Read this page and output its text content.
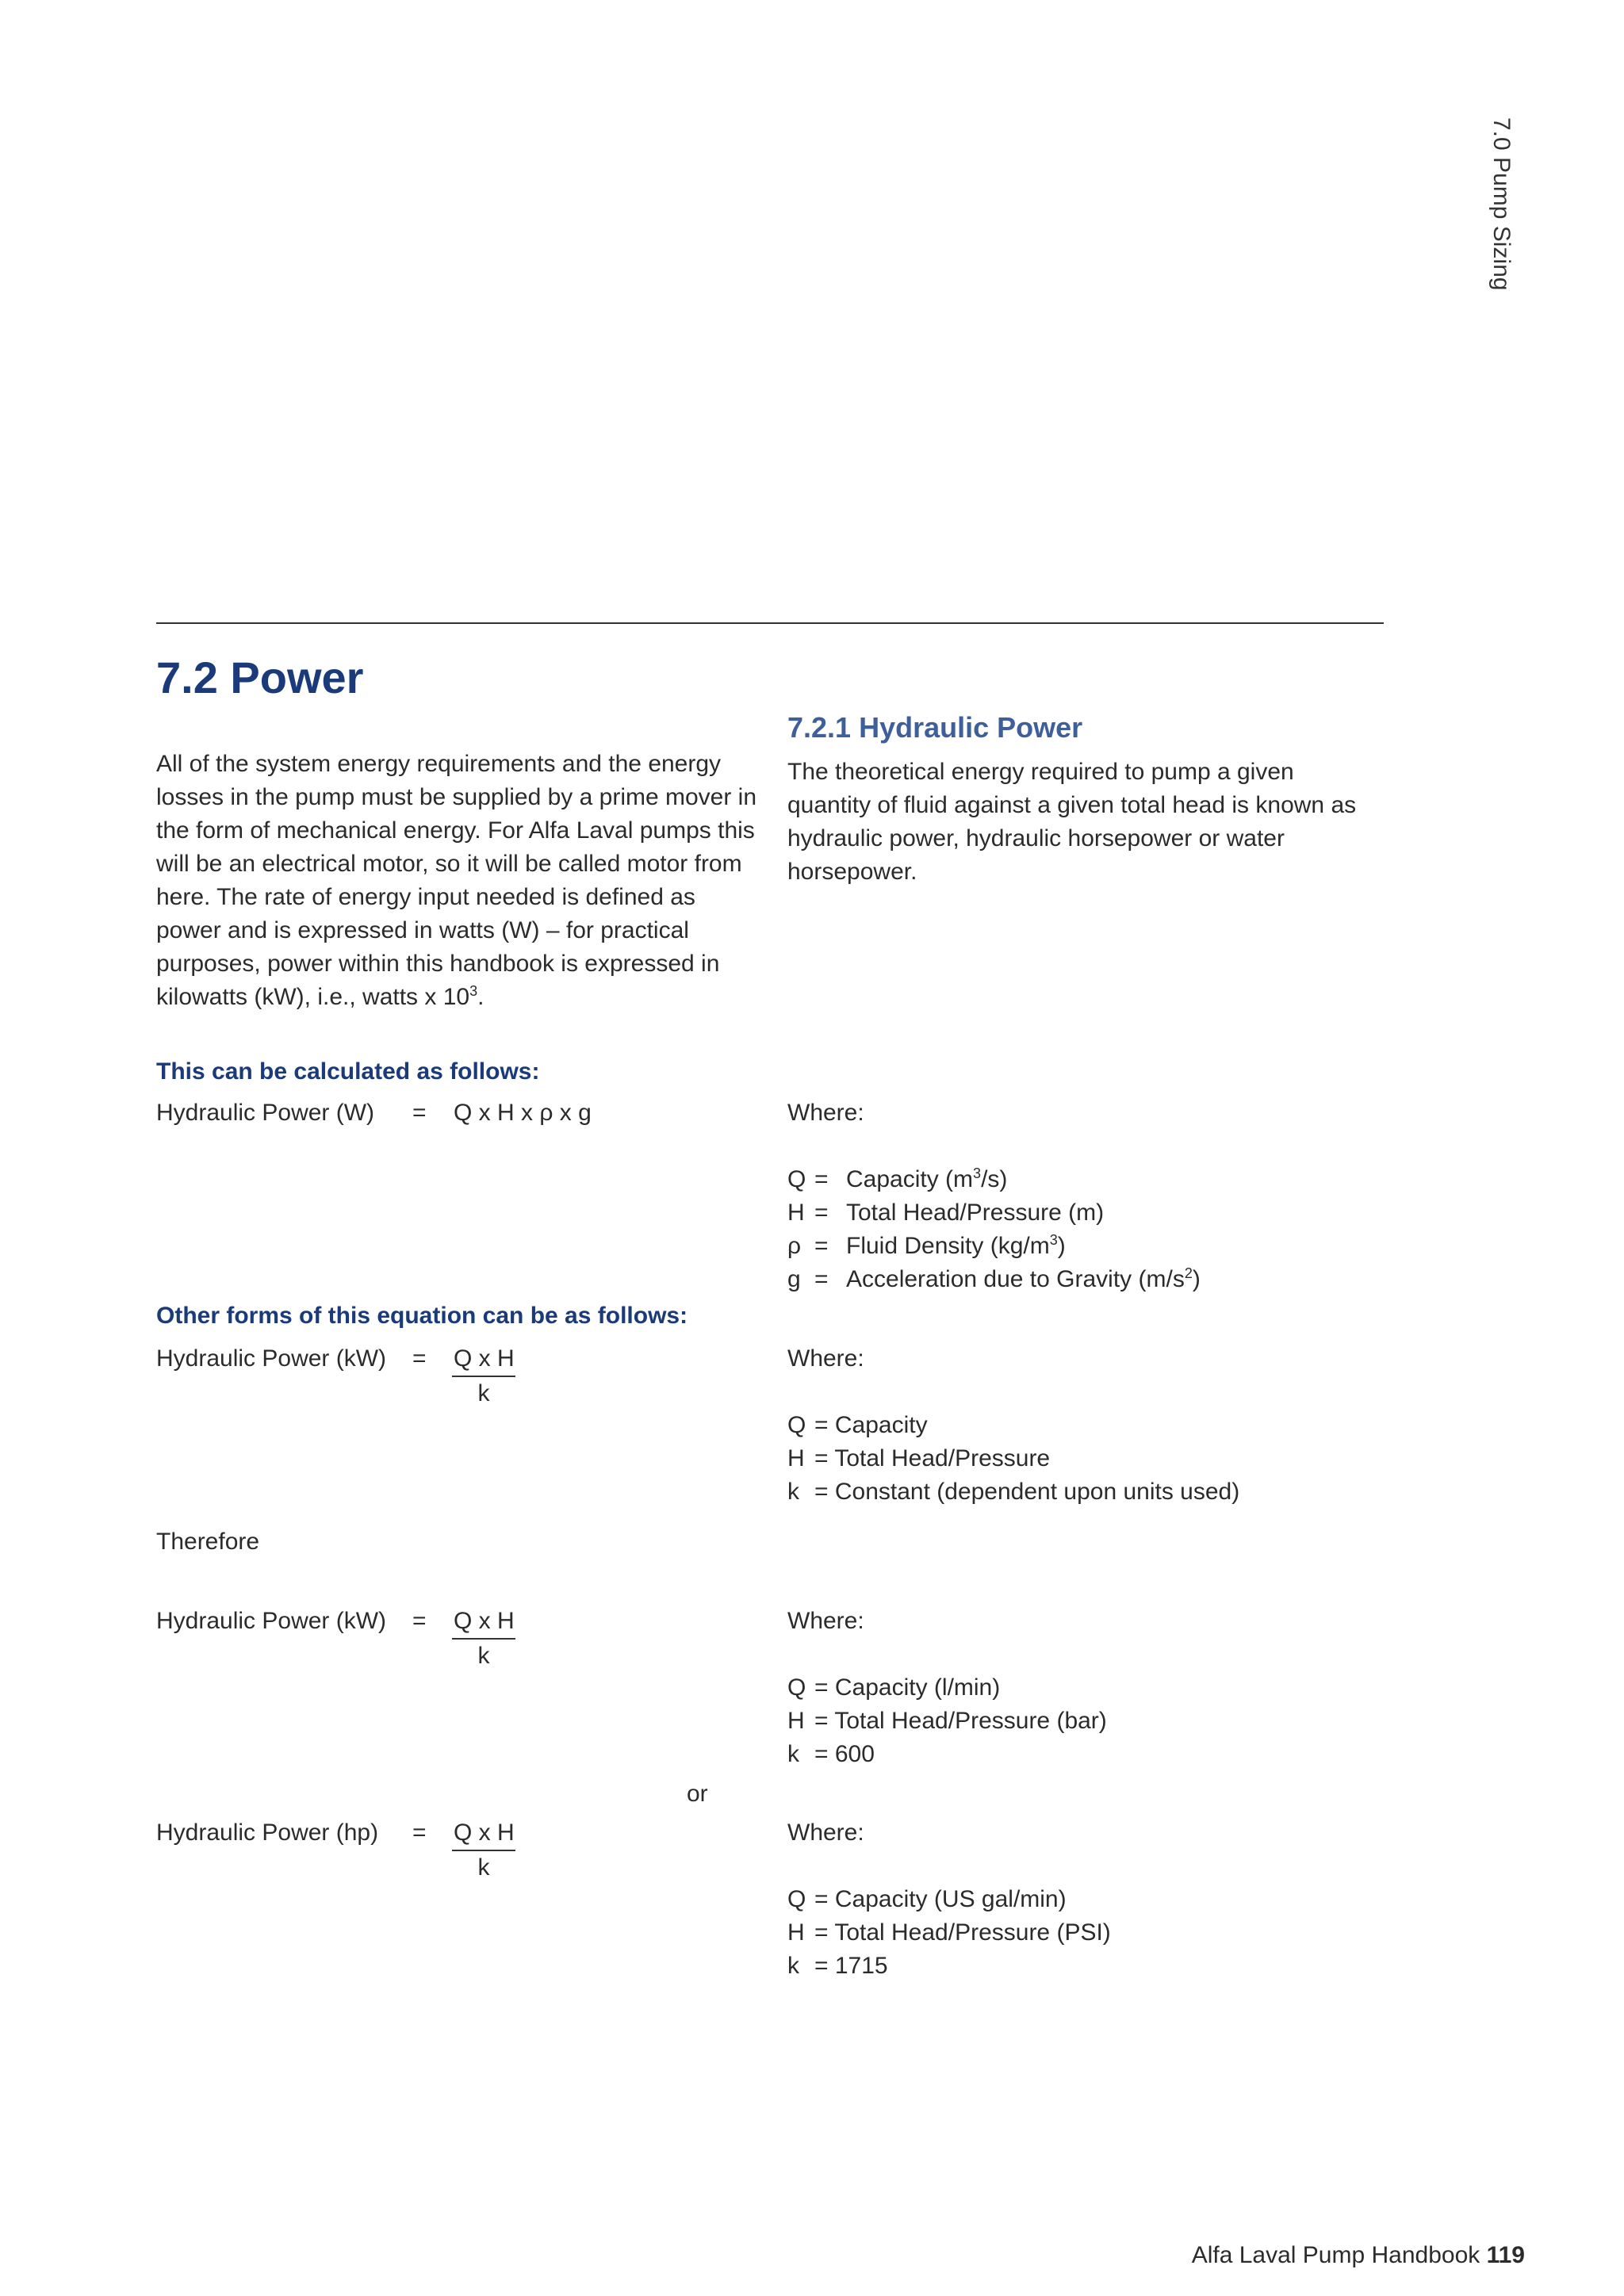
7.0 Pump Sizing
7.2 Power

All of the system energy requirements and the energy losses in the pump must be supplied by a prime mover in the form of mechanical energy. For Alfa Laval pumps this will be an electrical motor, so it will be called motor from here. The rate of energy input needed is defined as power and is expressed in watts (W) – for practical purposes, power within this handbook is expressed in kilowatts (kW), i.e., watts x $10^3$.

7.2.1 Hydraulic Power

The theoretical energy required to pump a given quantity of fluid against a given total head is known as hydraulic power, hydraulic horsepower or water horsepower.

This can be calculated as follows:

Hydraulic Power (W) = Q x H x ρ x g	Where:
Q = Capacity $(m^3/s)$
H = Total Head/Pressure (m)
ρ = Fluid Density $(kg/m^3)$
g = Acceleration due to Gravity $(m/s^2)$

Other forms of this equation can be as follows:

Hydraulic Power $(kW) = \frac{\text{Q x H}}{k}$	Where:
Q = Capacity
H = Total Head/Pressure
k = Constant (dependent upon units used)
Therefore
Hydraulic Power $(kW) = \frac{\text{Q x H}}{k}$	Where:
Q = Capacity (l/min)
H = Total Head/Pressure (bar)
k = 600
or
Hydraulic Power $(hp) = \frac{\text{Q x H}}{k}$	Where:
Q = Capacity (US gal/min)
H = Total Head/Pressure (PSI)
k = 1715
Alfa Laval Pump Handbook 119
